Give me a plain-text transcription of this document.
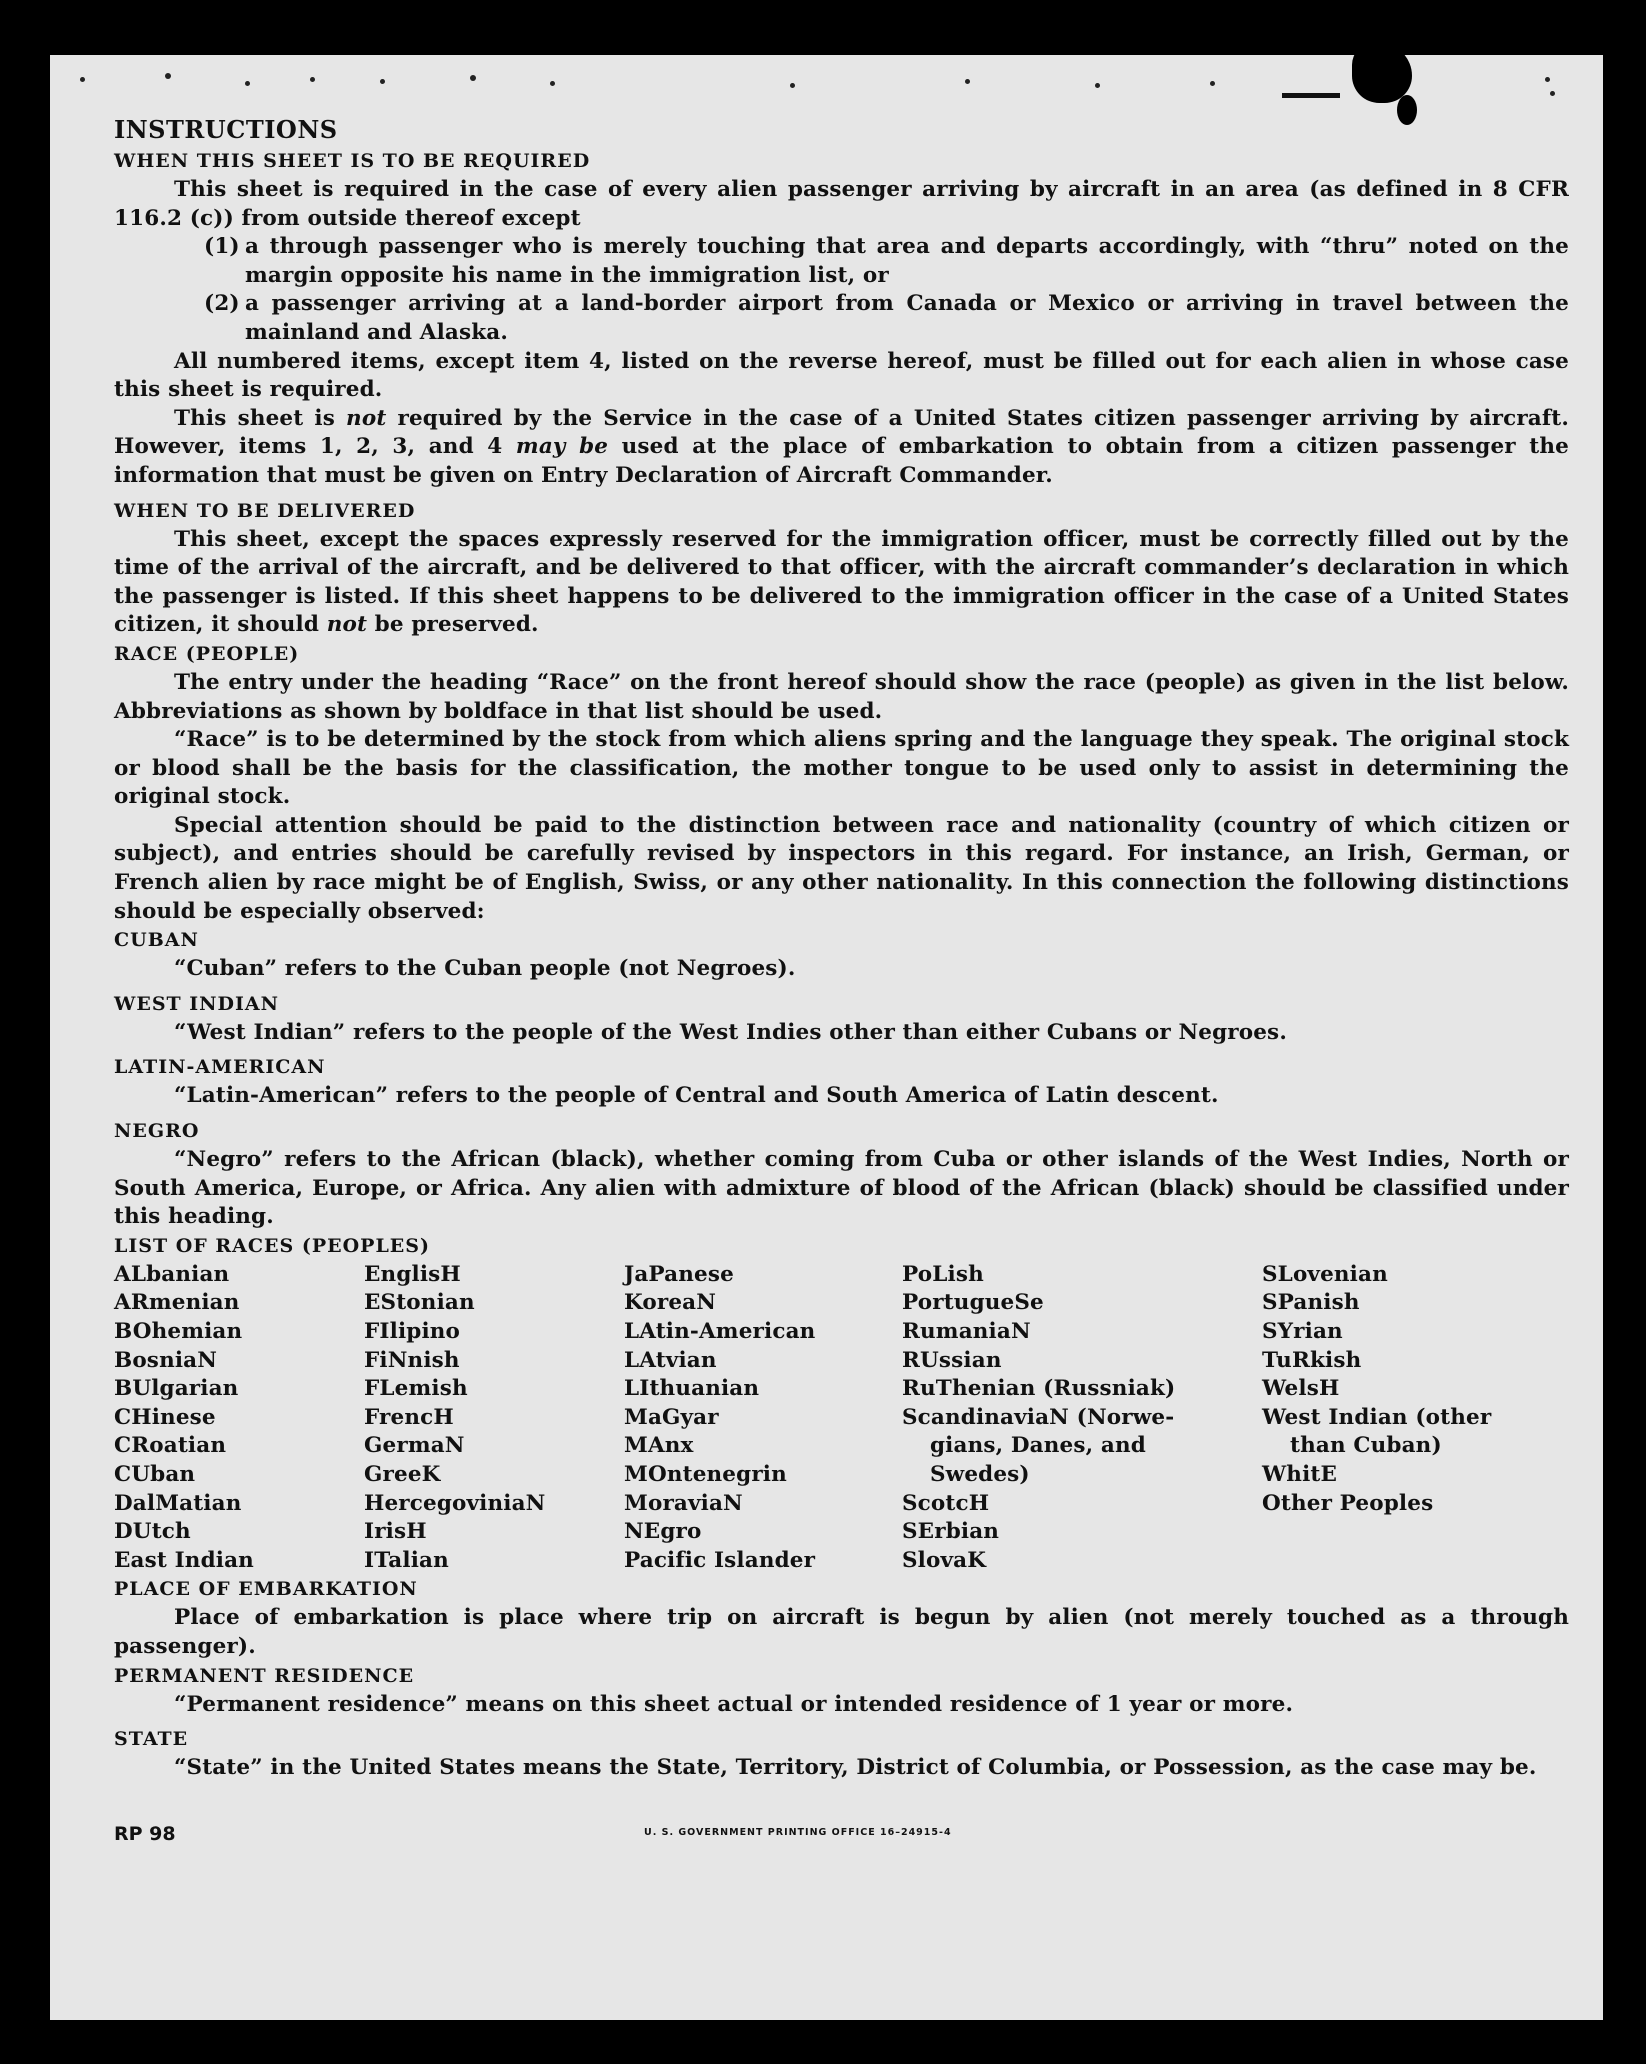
INSTRUCTIONS

WHEN THIS SHEET IS TO BE REQUIRED

This sheet is required in the case of every alien passenger arriving by aircraft in an area (as defined in 8 CFR 116.2 (c)) from outside thereof except

(1) a through passenger who is merely touching that area and departs accordingly, with “thru” noted on the margin opposite his name in the immigration list, or
(2) a passenger arriving at a land-border airport from Canada or Mexico or arriving in travel between the mainland and Alaska.

All numbered items, except item 4, listed on the reverse hereof, must be filled out for each alien in whose case this sheet is required.

This sheet is not required by the Service in the case of a United States citizen passenger arriving by aircraft. However, items 1, 2, 3, and 4 may be used at the place of embarkation to obtain from a citizen passenger the information that must be given on Entry Declaration of Aircraft Commander.

WHEN TO BE DELIVERED

This sheet, except the spaces expressly reserved for the immigration officer, must be correctly filled out by the time of the arrival of the aircraft, and be delivered to that officer, with the aircraft commander’s declaration in which the passenger is listed. If this sheet happens to be delivered to the immigration officer in the case of a United States citizen, it should not be preserved.

RACE (PEOPLE)

The entry under the heading “Race” on the front hereof should show the race (people) as given in the list below. Abbreviations as shown by boldface in that list should be used.

“Race” is to be determined by the stock from which aliens spring and the language they speak. The original stock or blood shall be the basis for the classification, the mother tongue to be used only to assist in determining the original stock.

Special attention should be paid to the distinction between race and nationality (country of which citizen or subject), and entries should be carefully revised by inspectors in this regard. For instance, an Irish, German, or French alien by race might be of English, Swiss, or any other nationality. In this connection the following distinctions should be especially observed:

CUBAN

“Cuban” refers to the Cuban people (not Negroes).

WEST INDIAN

“West Indian” refers to the people of the West Indies other than either Cubans or Negroes.

LATIN-AMERICAN

“Latin-American” refers to the people of Central and South America of Latin descent.

NEGRO

“Negro” refers to the African (black), whether coming from Cuba or other islands of the West Indies, North or South America, Europe, or Africa. Any alien with admixture of blood of the African (black) should be classified under this heading.

LIST OF RACES (PEOPLES)

ALbanian
ARmenian
BOhemian
BosniaN
BUlgarian
CHinese
CRoatian
CUban
DalMatian
DUtch
East Indian
EnglisH
EStonian
FIlipino
FiNnish
FLemish
FrencH
GermaN
GreeK
HercegoviniaN
IrisH
ITalian
JaPanese
KoreaN
LAtin-American
LAtvian
LIthuanian
MaGyar
MAnx
MOntenegrin
MoraviaN
NEgro
Pacific Islander
PoLish
PortugueSe
RumaniaN
RUssian
RuThenian (Russniak)
ScandinaviaN (Norwe-
gians, Danes, and
Swedes)
ScotcH
SErbian
SlovaK
SLovenian
SPanish
SYrian
TuRkish
WelsH
West Indian (other
than Cuban)
WhitE
Other Peoples

PLACE OF EMBARKATION

Place of embarkation is place where trip on aircraft is begun by alien (not merely touched as a through passenger).

PERMANENT RESIDENCE

“Permanent residence” means on this sheet actual or intended residence of 1 year or more.

STATE

“State” in the United States means the State, Territory, District of Columbia, or Possession, as the case may be.

RP 98	U. S. GOVERNMENT PRINTING OFFICE 16–24915-4
